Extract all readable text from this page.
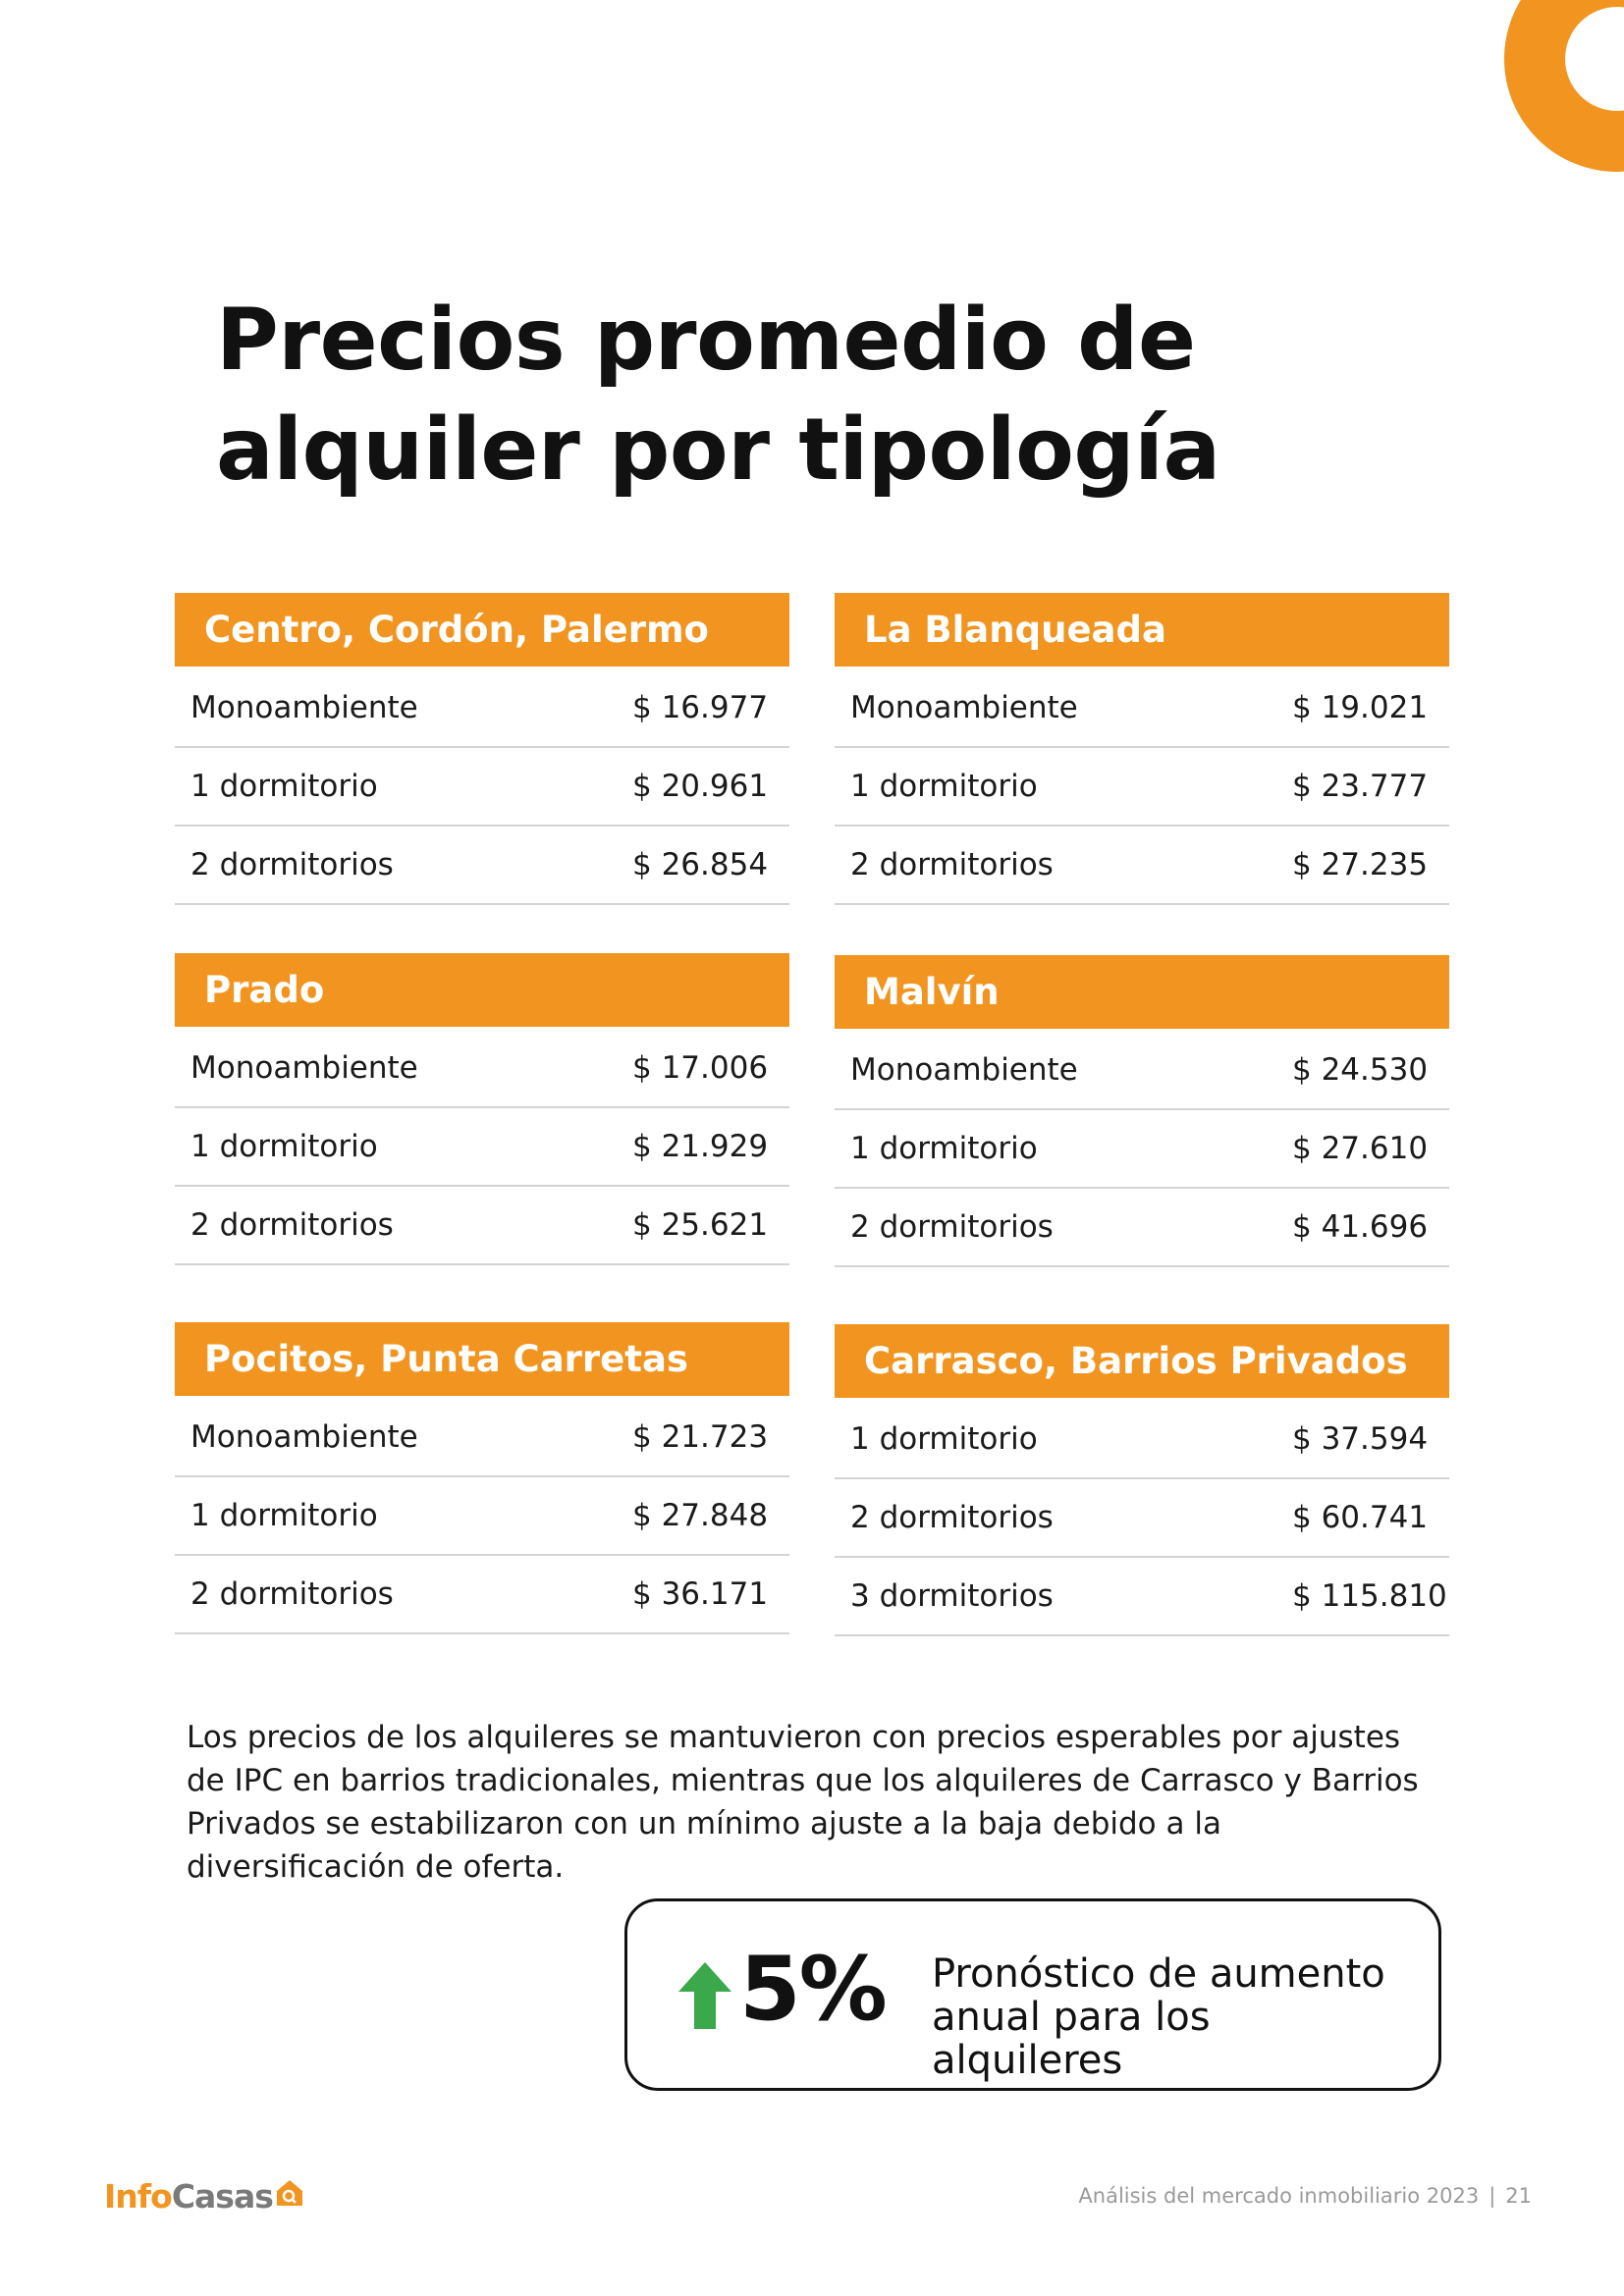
Precios promedio de alquiler por tipología
Centro, Cordón, Palermo
Monoambiente	$ 16.977
1 dormitorio	$ 20.961
2 dormitorios	$ 26.854
La Blanqueada
Monoambiente	$ 19.021
1 dormitorio	$ 23.777
2 dormitorios	$ 27.235
Prado
Monoambiente	$ 17.006
1 dormitorio	$ 21.929
2 dormitorios	$ 25.621
Malvín
Monoambiente	$ 24.530
1 dormitorio	$ 27.610
2 dormitorios	$ 41.696
Pocitos, Punta Carretas
Monoambiente	$ 21.723
1 dormitorio	$ 27.848
2 dormitorios	$ 36.171
Carrasco, Barrios Privados
1 dormitorio	$ 37.594
2 dormitorios	$ 60.741
3 dormitorios	$ 115.810

Los precios de los alquileres se mantuvieron con precios esperables por ajustes de IPC en barrios tradicionales, mientras que los alquileres de Carrasco y Barrios Privados se estabilizaron con un mínimo ajuste a la baja debido a la diversificación de oferta.

5% Pronóstico de aumento
anual para los alquileres
Info Casas	Análisis del mercado inmobiliario 2023 | 21
